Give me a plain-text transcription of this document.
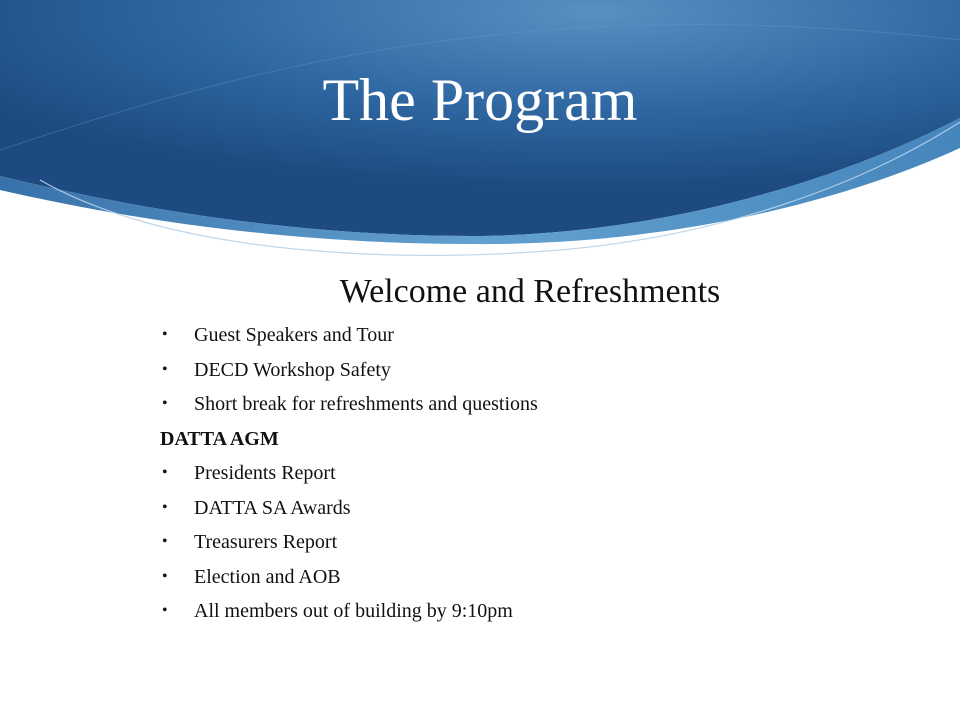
The Program
Welcome and Refreshments
• Guest Speakers and Tour
• DECD Workshop Safety
• Short break for refreshments and questions

DATTA AGM

• Presidents Report
• DATTA SA Awards
• Treasurers Report
• Election and AOB
• All members out of building by 9:10pm
